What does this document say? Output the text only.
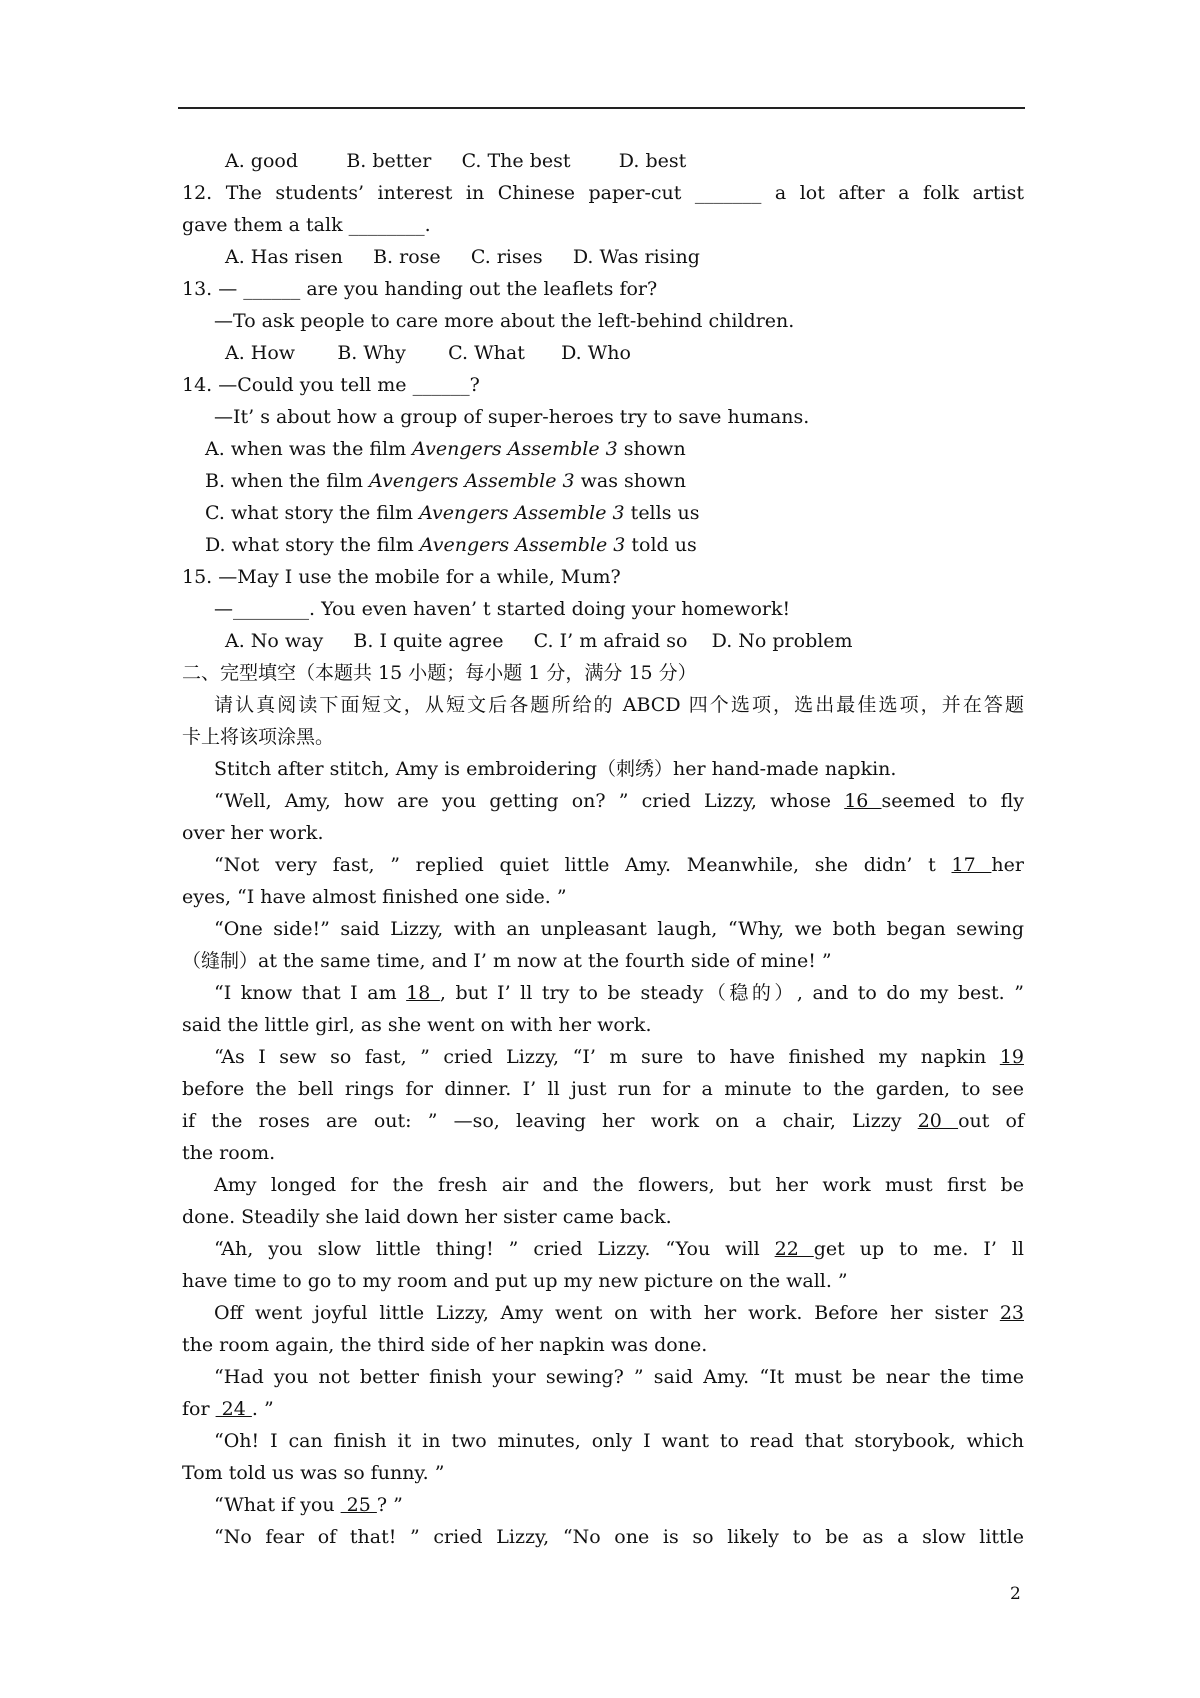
A. good        B. better     C. The best        D. best
12. The students’ interest in Chinese paper-cut _______ a lot after a folk artist
gave them a talk ________.
A. Has risen     B. rose     C. rises     D. Was rising
13. — ______ are you handing out the leaflets for?
—To ask people to care more about the left-behind children.
A. How       B. Why       C. What      D. Who
14. —Could you tell me ______?
—It’ s about how a group of super-heroes try to save humans.
A. when was the film Avengers Assemble 3 shown
B. when the film Avengers Assemble 3 was shown
C. what story the film Avengers Assemble 3 tells us
D. what story the film Avengers Assemble 3 told us
15. —May I use the mobile for a while, Mum?
—________. You even haven’ t started doing your homework!
A. No way     B. I quite agree     C. I’ m afraid so    D. No problem
二、完型填空（本题共 15 小题；每小题 1 分，满分 15 分）
请认真阅读下面短文，从短文后各题所给的 ABCD 四个选项，选出最佳选项，并在答题
卡上将该项涂黑。
Stitch after stitch, Amy is embroidering（刺绣）her hand-made napkin.
“Well, Amy, how are you getting on? ” cried Lizzy, whose 16 seemed to fly
over her work.
“Not very fast, ” replied quiet little Amy. Meanwhile, she didn’ t 17 her
eyes, “I have almost finished one side. ”
“One side!” said Lizzy, with an unpleasant laugh, “Why, we both began sewing
（缝制）at the same time, and I’ m now at the fourth side of mine! ”
“I know that I am 18 , but I’ ll try to be steady（稳的）, and to do my best. ”
said the little girl, as she went on with her work.
“As I sew so fast, ” cried Lizzy, “I’ m sure to have finished my napkin 19
before the bell rings for dinner. I’ ll just run for a minute to the garden, to see
if the roses are out: ” —so, leaving her work on a chair, Lizzy 20 out of
the room.
Amy longed for the fresh air and the flowers, but her work must first be
done. Steadily she laid down her sister came back.
“Ah, you slow little thing! ” cried Lizzy. “You will 22 get up to me. I’ ll
have time to go to my room and put up my new picture on the wall. ”
Off went joyful little Lizzy, Amy went on with her work. Before her sister 23
the room again, the third side of her napkin was done.
“Had you not better finish your sewing? ” said Amy. “It must be near the time
for  24 . ”
“Oh! I can finish it in two minutes, only I want to read that storybook, which
Tom told us was so funny. ”
“What if you  25 ? ”
“No fear of that! ” cried Lizzy, “No one is so likely to be as a slow little
2
